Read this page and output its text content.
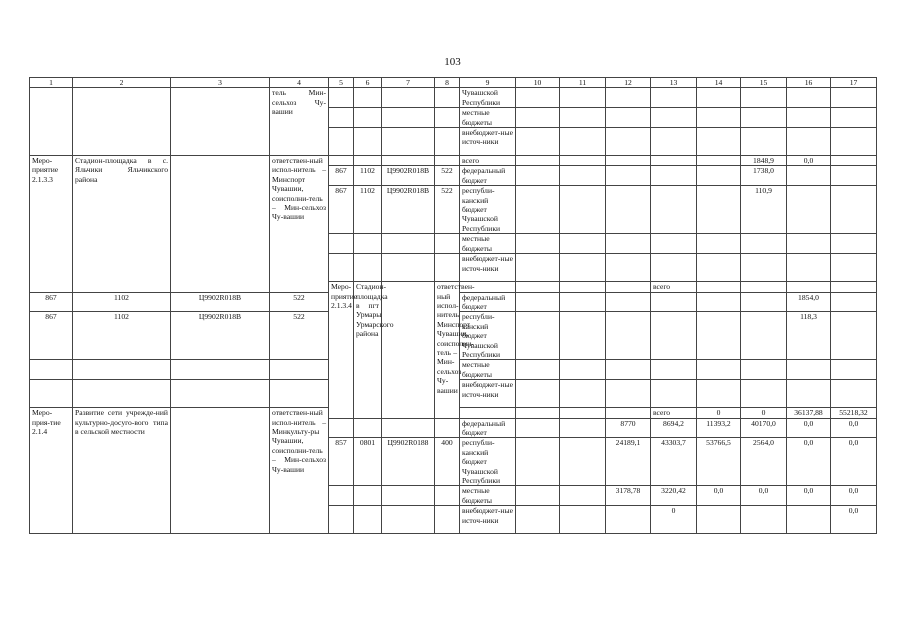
103
1	2	3	4	5	6	7	8	9	10	11	12	13	14	15	16	17	
			тель Мин-сельхоз Чу-вашии					Чувашской Республики									
								местные бюджеты									
								внебюджет-ные источ-ники									
Меро-приятие 2.1.3.3	Стадион-площадка в с. Яльчики Яльчикского района		ответствен-ный испол-нитель – Минспорт Чувашии, соисполни-тель – Мин-сельхоз Чу-вашии					всего						1848,9	0,0		
				867	1102	Ц9902R018В	522	федеральный бюджет						1738,0			
				867	1102	Ц9902R018В	522	республи-канский бюджет Чувашской Республики						110,9			
								местные бюджеты									
								внебюджет-ные источ-ники									
				Меро-приятие 2.1.3.4	Стадион-площадка в пгт Урмары Урмарского района		ответствен-ный испол-нитель Минспорт Чувашии, соисполни-тель – Мин-сельхоз Чу-вашии					всего								
867	1102	Ц9902R018В	522					федеральный бюджет							1854,0		
867	1102	Ц9902R018В	522					республи-канский бюджет Чувашской Республики							118,3		
								местные бюджеты									
								внебюджет-ные источ-ники									
Меро-прия-тие 2.1.4	Развитие сети учрежде-ний культурно-досуго-вого типа в сельской местности		ответствен-ный испол-нитель – Минкульту-ры Чувашии, соисполни-тель – Мин-сельхоз Чу-вашии									всего	0	0	36137,88	55218,32				
								федеральный бюджет			8770	8694,2	11393,2	40170,0	0,0	0,0	
				857	0801	Ц9902R0188	400	республи-канский бюджет Чувашской Республики			24189,1	43303,7	53766,5	2564,0	0,0	0,0	
								местные бюджеты			3178,78	3220,42	0,0	0,0	0,0	0,0	
								внебюджет-ные источ-ники				0				0,0	
